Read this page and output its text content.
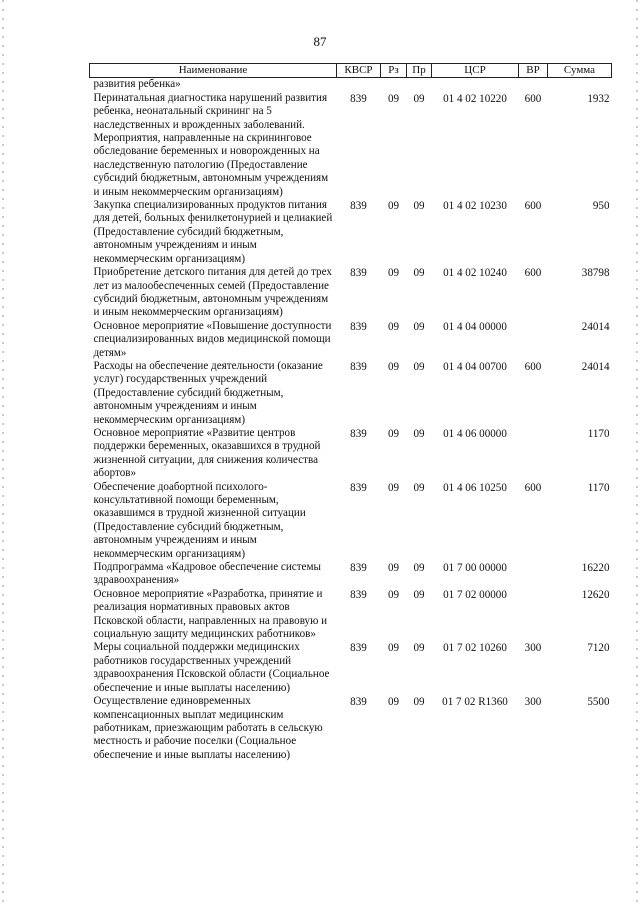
87
Наименование	КВСР	Рз	Пр	ЦСР	ВР	Сумма
развития ребенка»						
Перинатальная диагностика нарушений развития ребенка, неонатальный скрининг на 5 наследственных и врожденных заболеваний. Мероприятия, направленные на скрининговое обследование беременных и новорожденных на наследственную патологию (Предоставление субсидий бюджетным, автономным учреждениям и иным некоммерческим организациям)	839	09	09	01 4 02 10220	600	1932
Закупка специализированных продуктов питания для детей, больных фенилкетонурией и целиакией (Предоставление субсидий бюджетным, автономным учреждениям и иным некоммерческим организациям)	839	09	09	01 4 02 10230	600	950
Приобретение детского питания для детей до трех лет из малообеспеченных семей (Предоставление субсидий бюджетным, автономным учреждениям и иным некоммерческим организациям)	839	09	09	01 4 02 10240	600	38798
Основное мероприятие «Повышение доступности специализированных видов медицинской помощи детям»	839	09	09	01 4 04 00000		24014
Расходы на обеспечение деятельности (оказание услуг) государственных учреждений (Предоставление субсидий бюджетным, автономным учреждениям и иным некоммерческим организациям)	839	09	09	01 4 04 00700	600	24014
Основное мероприятие «Развитие центров поддержки беременных, оказавшихся в трудной жизненной ситуации, для снижения количества абортов»	839	09	09	01 4 06 00000		1170
Обеспечение доабортной психолого-консультативной помощи беременным, оказавшимся в трудной жизненной ситуации (Предоставление субсидий бюджетным, автономным учреждениям и иным некоммерческим организациям)	839	09	09	01 4 06 10250	600	1170
Подпрограмма «Кадровое обеспечение системы здравоохранения»	839	09	09	01 7 00 00000		16220
Основное мероприятие «Разработка, принятие и реализация нормативных правовых актов Псковской области, направленных на правовую и социальную защиту медицинских работников»	839	09	09	01 7 02 00000		12620
Меры социальной поддержки медицинских работников государственных учреждений здравоохранения Псковской области (Социальное обеспечение и иные выплаты населению)	839	09	09	01 7 02 10260	300	7120
Осуществление единовременных компенсационных выплат медицинским работникам, приезжающим работать в сельскую местность и рабочие поселки (Социальное обеспечение и иные выплаты населению)	839	09	09	01 7 02 R1360	300	5500
